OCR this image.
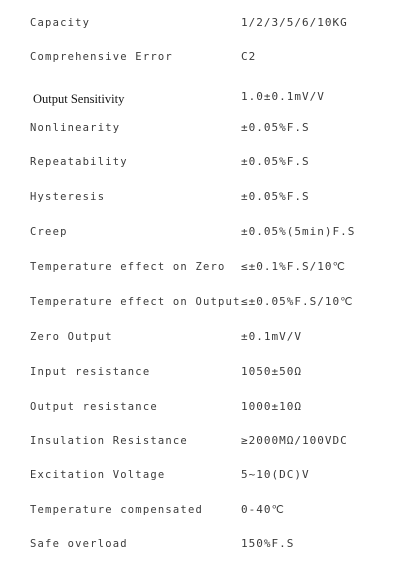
Capacity	1/2/3/5/6/10KG
Comprehensive Error	C2
Output Sensitivity	1.0±0.1mV/V
Nonlinearity	±0.05%F.S
Repeatability	±0.05%F.S
Hysteresis	±0.05%F.S
Creep	±0.05%(5min)F.S
Temperature effect on Zero ≤±0.1%F.S/10℃
Temperature effect on Output ≤±0.05%F.S/10℃
Zero Output	±0.1mV/V
Input resistance	1050±50Ω
Output resistance	1000±10Ω
Insulation Resistance	≥2000MΩ/100VDC
Excitation Voltage	5~10(DC)V
Temperature compensated	0-40℃
Safe overload	150%F.S
